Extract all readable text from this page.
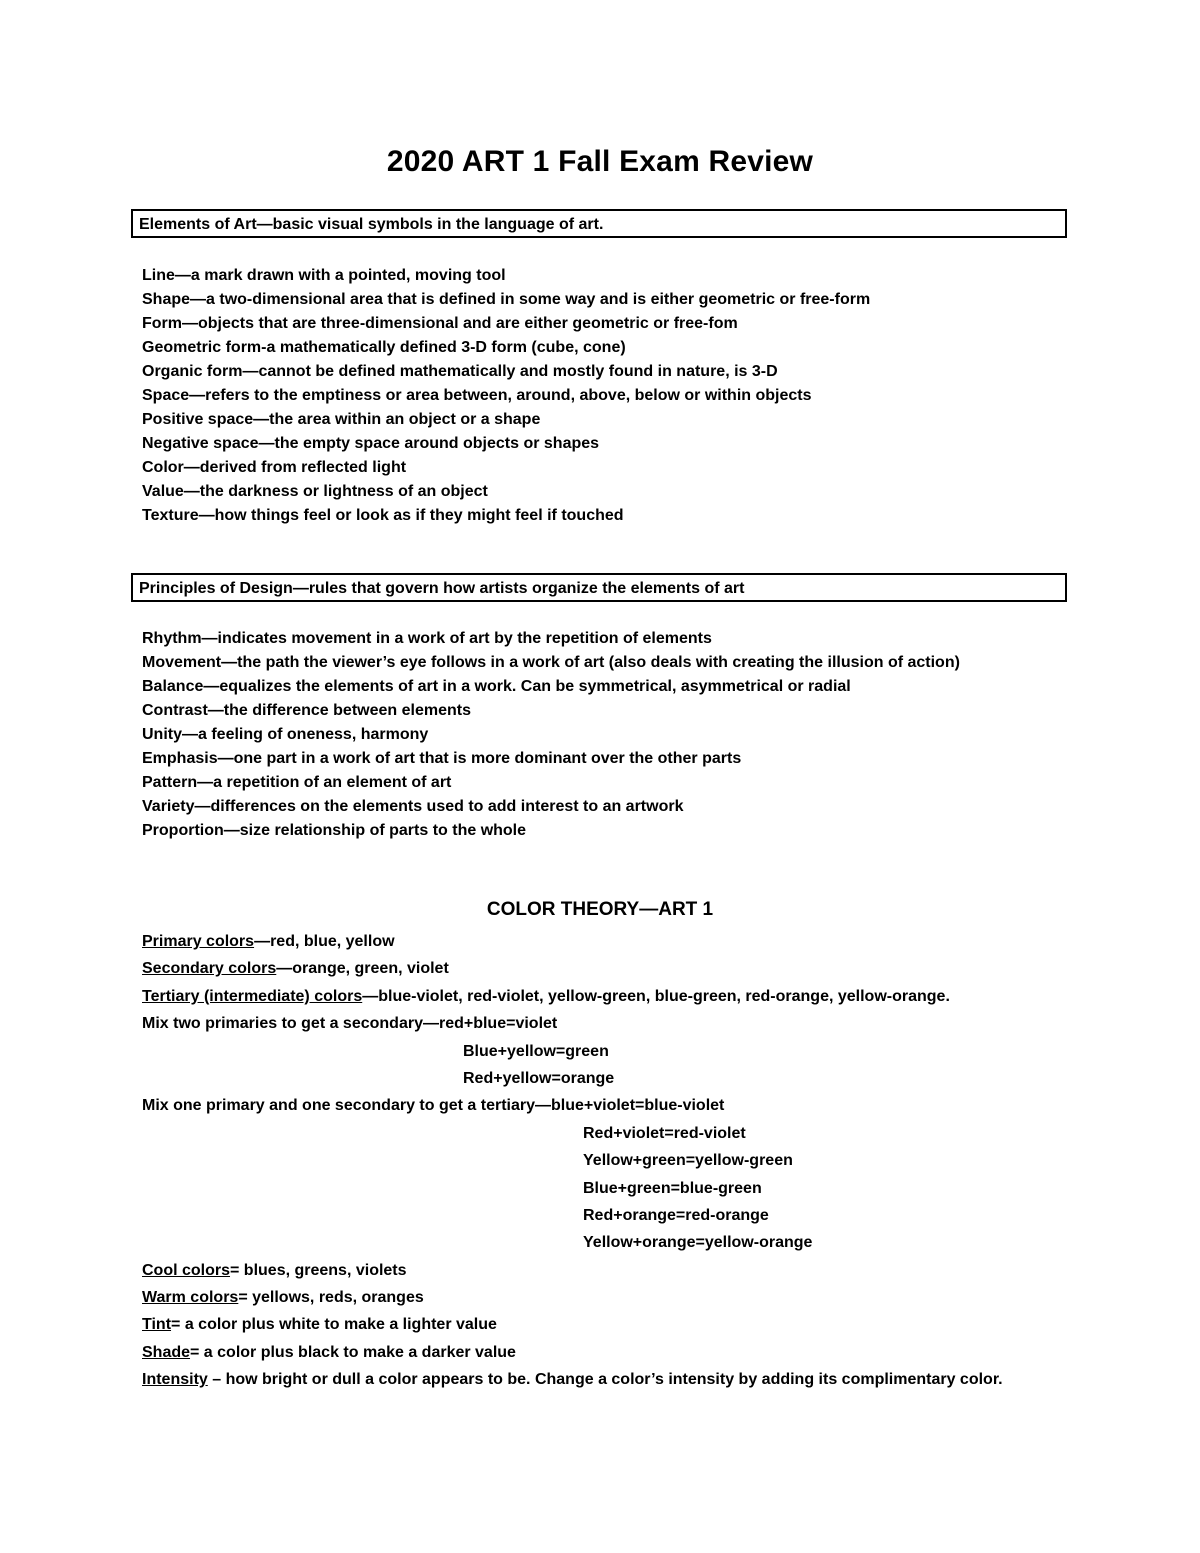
2020 ART 1 Fall Exam Review
Elements of Art—basic visual symbols in the language of art.
Line—a mark drawn with a pointed, moving tool
Shape—a two-dimensional area that is defined in some way and is either geometric or free-form
Form—objects that are three-dimensional and are either geometric or free-fom
Geometric form-a mathematically defined 3-D form (cube, cone)
Organic form—cannot be defined mathematically and mostly found in nature, is 3-D
Space—refers to the emptiness or area between, around, above, below or within objects
Positive space—the area within an object or a shape
Negative space—the empty space around objects or shapes
Color—derived from reflected light
Value—the darkness or lightness of an object
Texture—how things feel or look as if they might feel if touched
Principles of Design—rules that govern how artists organize the elements of art
Rhythm—indicates movement in a work of art by the repetition of elements
Movement—the path the viewer’s eye follows in a work of art (also deals with creating the illusion of action)
Balance—equalizes the elements of art in a work. Can be symmetrical, asymmetrical or radial
Contrast—the difference between elements
Unity—a feeling of oneness, harmony
Emphasis—one part in a work of art that is more dominant over the other parts
Pattern—a repetition of an element of art
Variety—differences on the elements used to add interest to an artwork
Proportion—size relationship of parts to the whole
COLOR THEORY—ART 1
Primary colors—red, blue, yellow
Secondary colors—orange, green, violet
Tertiary (intermediate) colors—blue-violet, red-violet, yellow-green, blue-green, red-orange, yellow-orange.
Mix two primaries to get a secondary—red+blue=violet
Blue+yellow=green
Red+yellow=orange
Mix one primary and one secondary to get a tertiary—blue+violet=blue-violet
Red+violet=red-violet
Yellow+green=yellow-green
Blue+green=blue-green
Red+orange=red-orange
Yellow+orange=yellow-orange
Cool colors= blues, greens, violets
Warm colors= yellows, reds, oranges
Tint= a color plus white to make a lighter value
Shade= a color plus black to make a darker value
Intensity – how bright or dull a color appears to be. Change a color’s intensity by adding its complimentary color.
